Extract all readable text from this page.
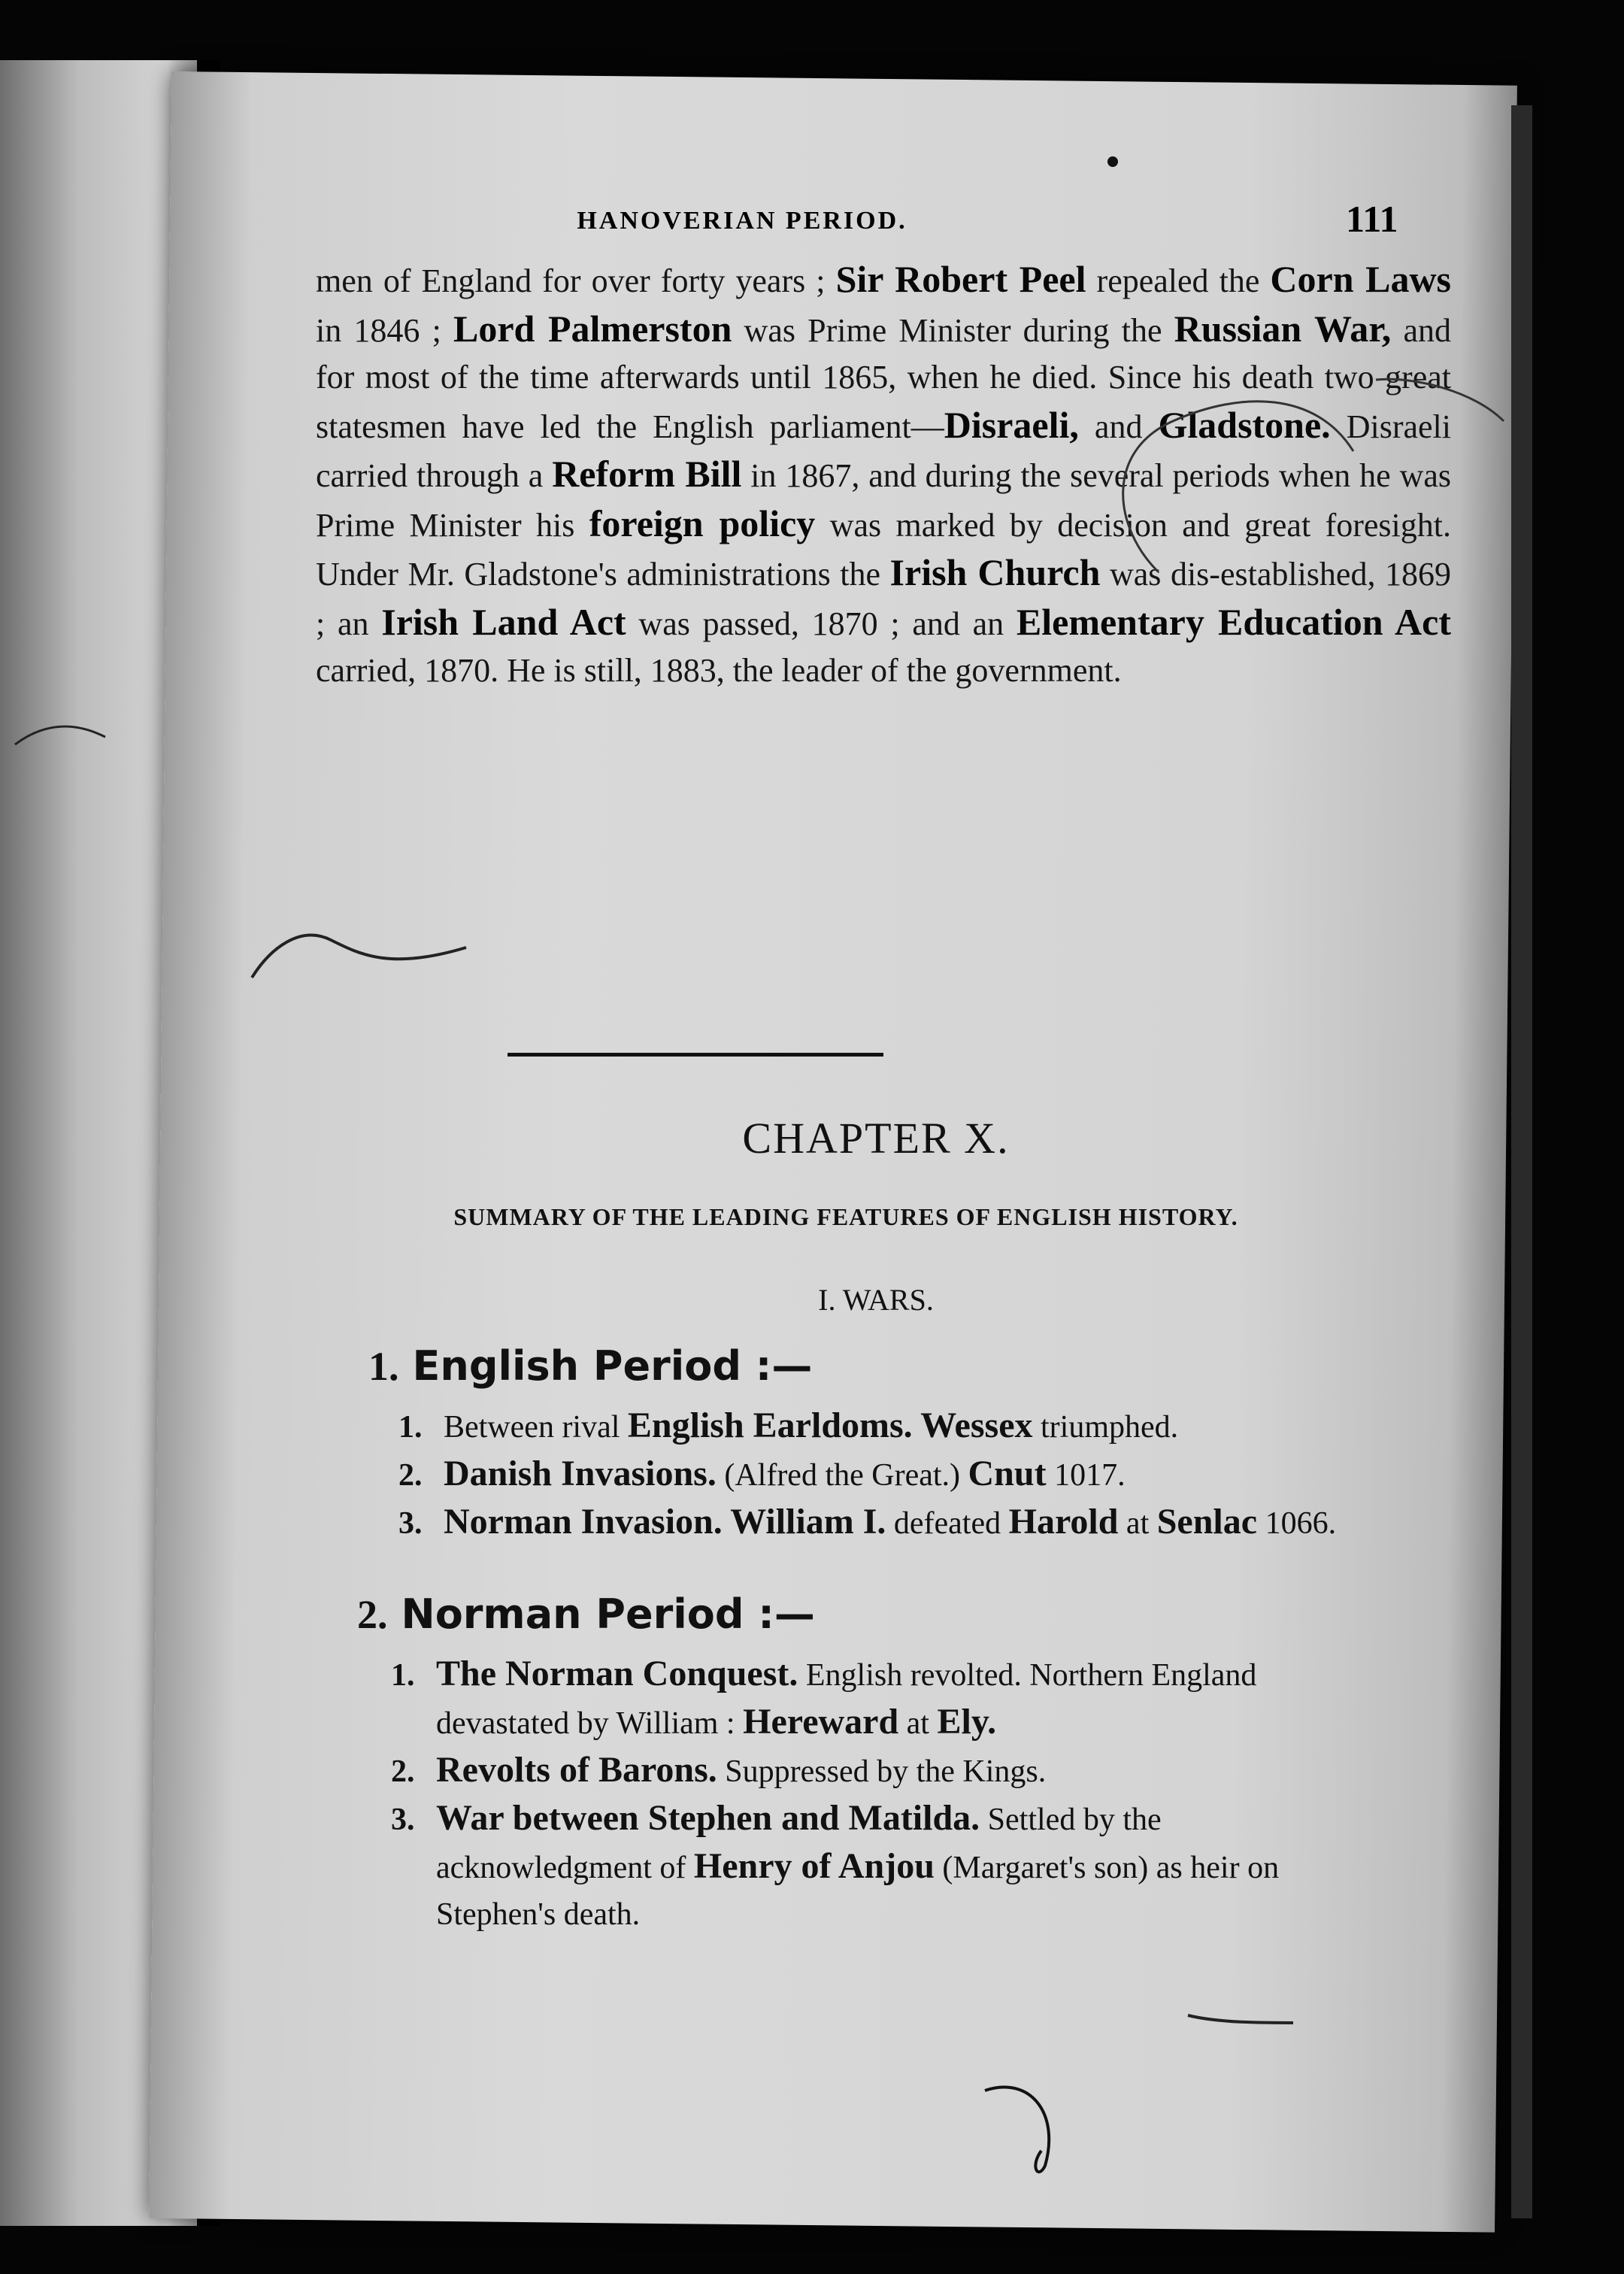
HANOVERIAN PERIOD.	111
men of England for over forty years ; Sir Robert Peel repealed the Corn Laws in 1846 ; Lord Palmerston was Prime Minister during the Russian War, and for most of the time afterwards until 1865, when he died. Since his death two great statesmen have led the English parliament—Disraeli, and Gladstone. Disraeli carried through a Reform Bill in 1867, and during the several periods when he was Prime Minister his foreign policy was marked by decision and great foresight. Under Mr. Gladstone's administrations the Irish Church was dis-established, 1869 ; an Irish Land Act was passed, 1870 ; and an Elementary Education Act carried, 1870. He is still, 1883, the leader of the government.
CHAPTER X.
SUMMARY OF THE LEADING FEATURES OF ENGLISH HISTORY.
I. WARS.
1. English Period :—
1. Between rival English Earldoms. Wessex triumphed.
2. Danish Invasions. (Alfred the Great.) Cnut 1017.
3. Norman Invasion. William I. defeated Harold at Senlac 1066.
2. Norman Period :—
1. The Norman Conquest. English revolted. Northern England devastated by William : Hereward at Ely.
2. Revolts of Barons. Suppressed by the Kings.
3. War between Stephen and Matilda. Settled by the acknowledgment of Henry of Anjou (Margaret's son) as heir on Stephen's death.
